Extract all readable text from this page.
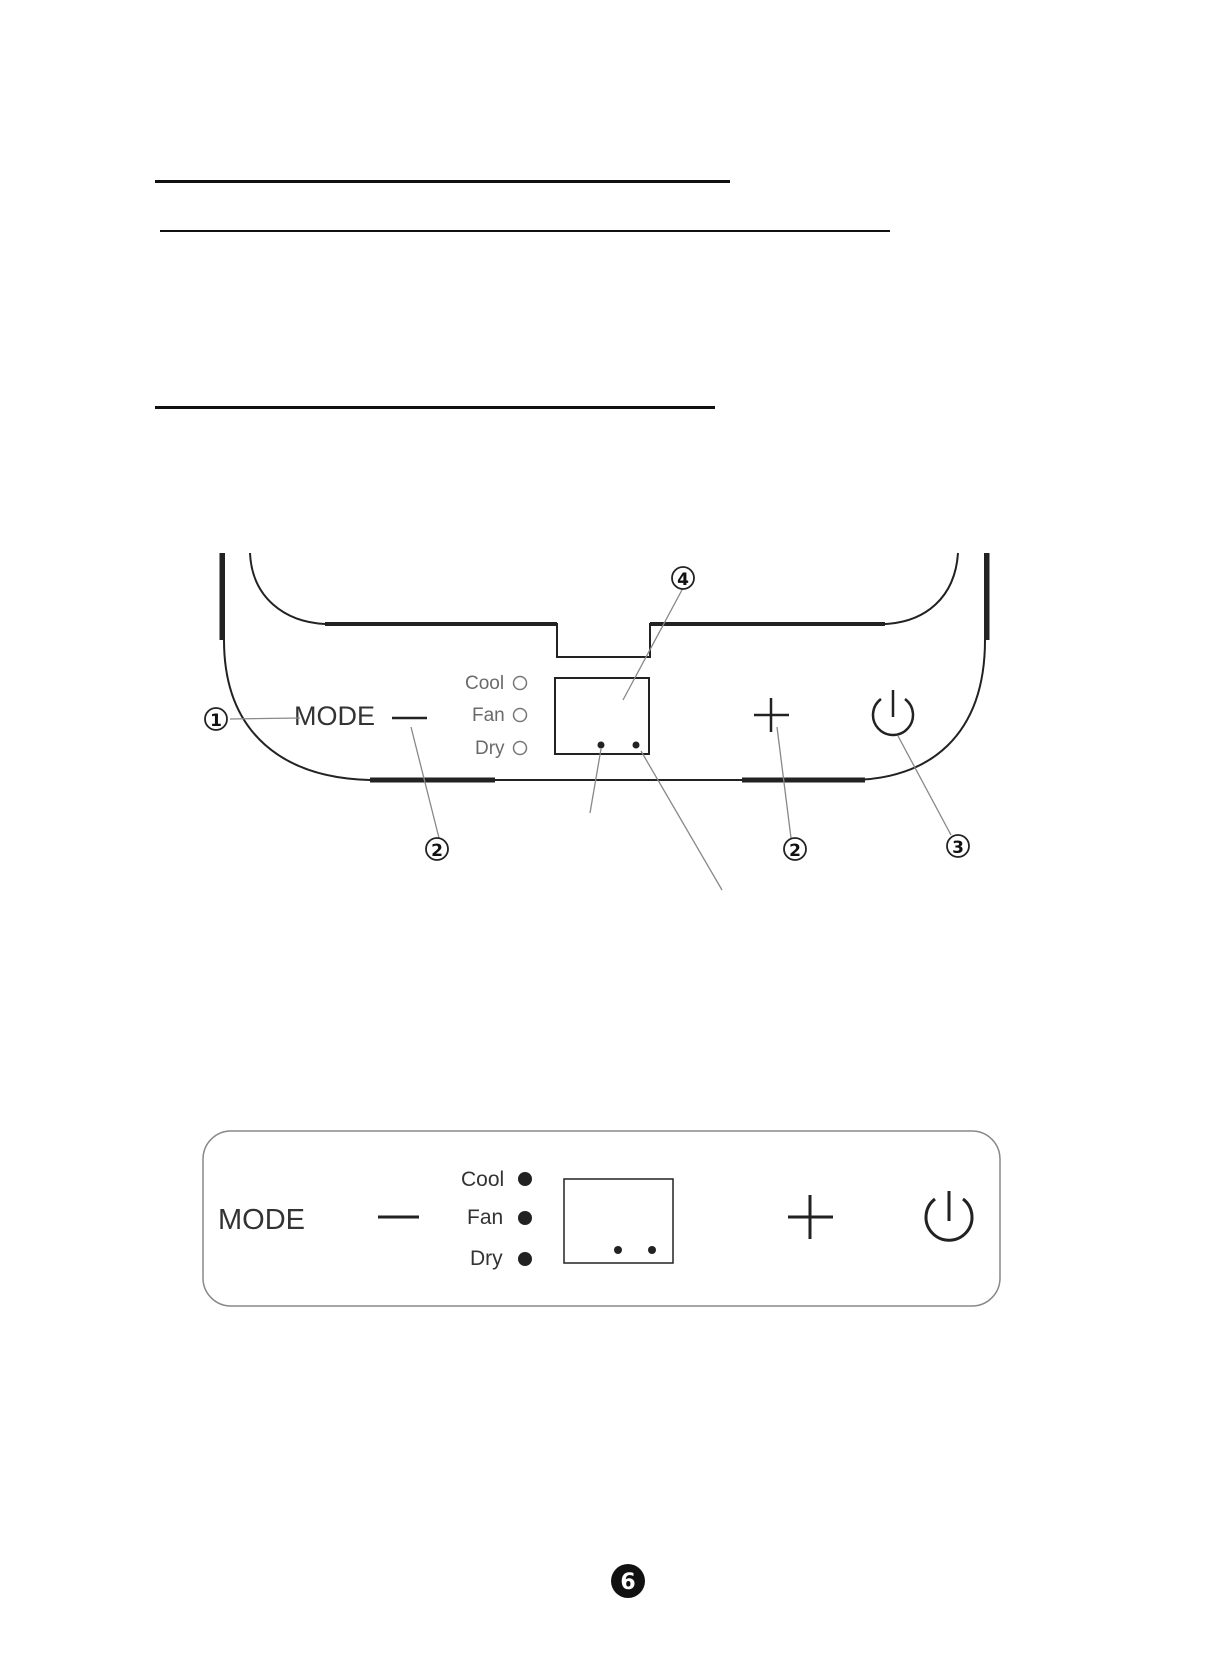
MODE
Cool
Fan
Dry
1
2
4
2	3
MODE
Cool
Fan
Dry
6
